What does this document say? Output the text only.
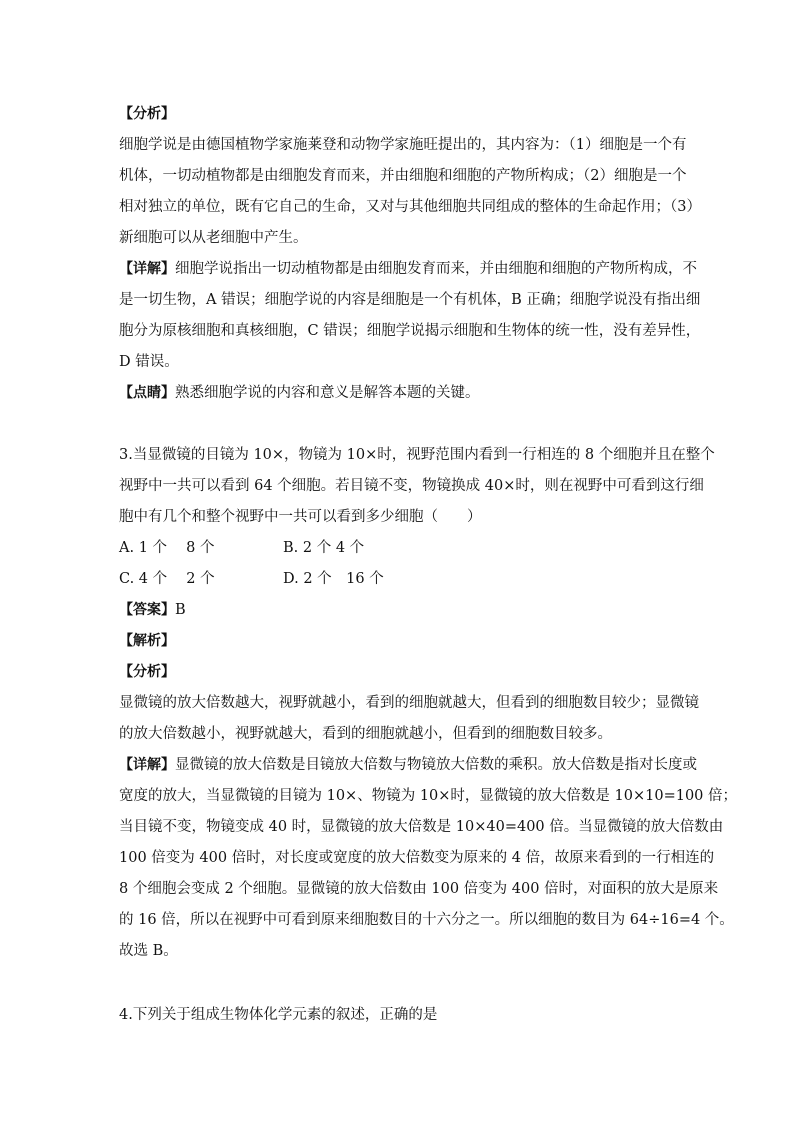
【分析】
细胞学说是由德国植物学家施莱登和动物学家施旺提出的，其内容为：（1）细胞是一个有
机体，一切动植物都是由细胞发育而来，并由细胞和细胞的产物所构成；（2）细胞是一个
相对独立的单位，既有它自己的生命，又对与其他细胞共同组成的整体的生命起作用；（3）
新细胞可以从老细胞中产生。
【详解】细胞学说指出一切动植物都是由细胞发育而来，并由细胞和细胞的产物所构成，不
是一切生物，A 错误；细胞学说的内容是细胞是一个有机体，B 正确；细胞学说没有指出细
胞分为原核细胞和真核细胞，C 错误；细胞学说揭示细胞和生物体的统一性，没有差异性，
D 错误。
【点睛】熟悉细胞学说的内容和意义是解答本题的关键。
3.当显微镜的目镜为 10×，物镜为 10×时，视野范围内看到一行相连的 8 个细胞并且在整个
视野中一共可以看到 64 个细胞。若目镜不变，物镜换成 40×时，则在视野中可看到这行细
胞中有几个和整个视野中一共可以看到多少细胞（　　）
A. 1 个　 8 个	B. 2 个 4 个
C. 4 个　 2 个	D. 2 个　16 个
【答案】B
【解析】
【分析】
显微镜的放大倍数越大，视野就越小，看到的细胞就越大，但看到的细胞数目较少；显微镜
的放大倍数越小，视野就越大，看到的细胞就越小，但看到的细胞数目较多。
【详解】显微镜的放大倍数是目镜放大倍数与物镜放大倍数的乘积。放大倍数是指对长度或
宽度的放大，当显微镜的目镜为 10×、物镜为 10×时，显微镜的放大倍数是 10×10=100 倍；
当目镜不变，物镜变成 40 时，显微镜的放大倍数是 10×40=400 倍。当显微镜的放大倍数由
100 倍变为 400 倍时，对长度或宽度的放大倍数变为原来的 4 倍，故原来看到的一行相连的
8 个细胞会变成 2 个细胞。显微镜的放大倍数由 100 倍变为 400 倍时，对面积的放大是原来
的 16 倍，所以在视野中可看到原来细胞数目的十六分之一。所以细胞的数目为 64÷16=4 个。
故选 B。
4.下列关于组成生物体化学元素的叙述，正确的是
